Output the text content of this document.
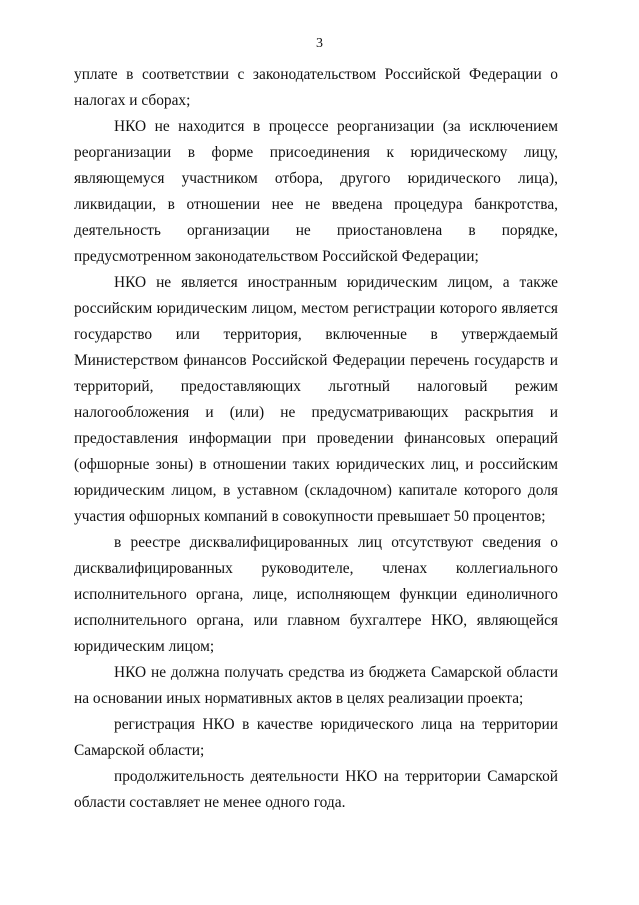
3

уплате в соответствии с законодательством Российской Федерации о налогах и сборах;

НКО не находится в процессе реорганизации (за исключением реорганизации в форме присоединения к юридическому лицу, являющемуся участником отбора, другого юридического лица), ликвидации, в отношении нее не введена процедура банкротства, деятельность организации не приостановлена в порядке, предусмотренном законодательством Российской Федерации;

НКО не является иностранным юридическим лицом, а также российским юридическим лицом, местом регистрации которого является государство или территория, включенные в утверждаемый Министерством финансов Российской Федерации перечень государств и территорий, предоставляющих льготный налоговый режим налогообложения и (или) не предусматривающих раскрытия и предоставления информации при проведении финансовых операций (офшорные зоны) в отношении таких юридических лиц, и российским юридическим лицом, в уставном (складочном) капитале которого доля участия офшорных компаний в совокупности превышает 50 процентов;

в реестре дисквалифицированных лиц отсутствуют сведения о дисквалифицированных руководителе, членах коллегиального исполнительного органа, лице, исполняющем функции единоличного исполнительного органа, или главном бухгалтере НКО, являющейся юридическим лицом;

НКО не должна получать средства из бюджета Самарской области на основании иных нормативных актов в целях реализации проекта;

регистрация НКО в качестве юридического лица на территории Самарской области;

продолжительность деятельности НКО на территории Самарской области составляет не менее одного года.
